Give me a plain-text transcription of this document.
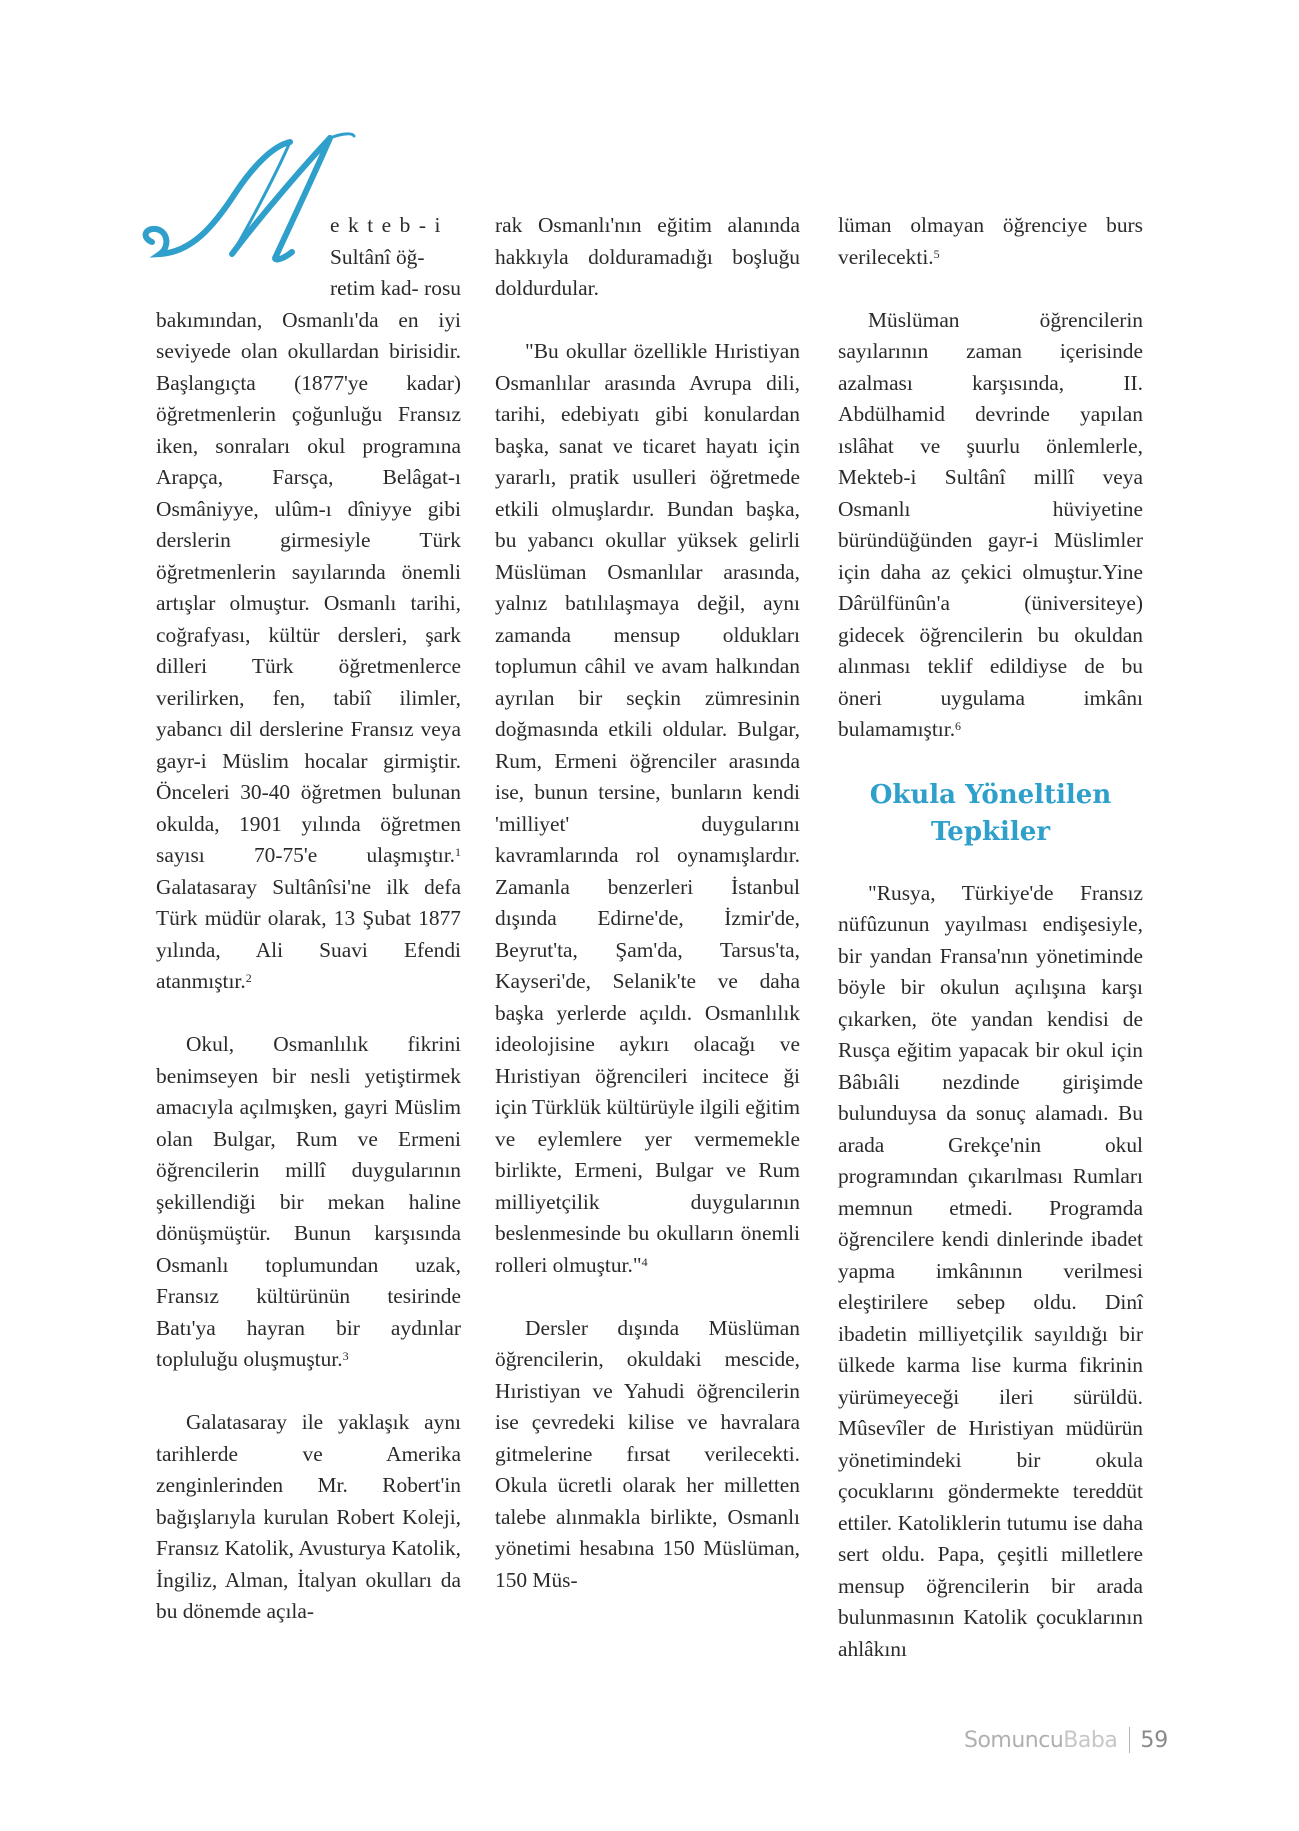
M

ekteb-i
Sultânî öğ-
retim kad- rosu bakımından, Osmanlı'da en iyi seviyede olan okullardan birisidir. Başlangıçta (1877'ye kadar) öğretmenlerin çoğunluğu Fransız iken, sonraları okul programına Arapça, Farsça, Belâgat-ı Osmâniyye, ulûm-ı dîniyye gibi derslerin girmesiyle Türk öğretmenlerin sayılarında önemli artışlar olmuştur. Osmanlı tarihi, coğrafyası, kültür dersleri, şark dilleri Türk öğretmenlerce verilirken, fen, tabiî ilimler, yabancı dil derslerine Fransız veya gayr-i Müslim hocalar girmiştir. Önceleri 30-40 öğretmen bulunan okulda, 1901 yılında öğretmen sayısı 70-75'e ulaşmıştır.$^1$ Galatasaray Sultânîsi'ne ilk defa Türk müdür olarak, 13 Şubat 1877 yılında, Ali Suavi Efendi atanmıştır.$^2$

Okul, Osmanlılık fikrini benimseyen bir nesli yetiştirmek amacıyla açılmışken, gayri Müslim olan Bulgar, Rum ve Ermeni öğrencilerin millî duygularının şekillendiği bir mekan haline dönüşmüştür. Bunun karşısında Osmanlı toplumundan uzak, Fransız kültürünün tesirinde Batı'ya hayran bir aydınlar topluluğu oluşmuştur.$^3$

Galatasaray ile yaklaşık aynı tarihlerde ve Amerika zenginlerinden Mr. Robert'in bağışlarıyla kurulan Robert Koleji, Fransız Katolik, Avusturya Katolik, İngiliz, Alman, İtalyan okulları da bu dönemde açıla-

rak Osmanlı'nın eğitim alanında hakkıyla dolduramadığı boşluğu doldurdular.

"Bu okullar özellikle Hıristiyan Osmanlılar arasında Avrupa dili, tarihi, edebiyatı gibi konulardan başka, sanat ve ticaret hayatı için yararlı, pratik usulleri öğretmede etkili olmuşlardır. Bundan başka, bu yabancı okullar yüksek gelirli Müslüman Osmanlılar arasında, yalnız batılılaşmaya değil, aynı zamanda mensup oldukları toplumun câhil ve avam halkından ayrılan bir seçkin zümresinin doğmasında etkili oldular. Bulgar, Rum, Ermeni öğrenciler arasında ise, bunun tersine, bunların kendi 'milliyet' duygularını kavramlarında rol oynamışlardır. Zamanla benzerleri İstanbul dışında Edirne'de, İzmir'de, Beyrut'ta, Şam'da, Tarsus'ta, Kayseri'de, Selanik'te ve daha başka yerlerde açıldı. Osmanlılık ideolojisine aykırı olacağı ve Hıristiyan öğrencileri incitece ği için Türklük kültürüyle ilgili eğitim ve eylemlere yer vermemekle birlikte, Ermeni, Bulgar ve Rum milliyetçilik duygularının beslenmesinde bu okulların önemli rolleri olmuştur."$^4$

Dersler dışında Müslüman öğrencilerin, okuldaki mescide, Hıristiyan ve Yahudi öğrencilerin ise çevredeki kilise ve havralara gitmelerine fırsat verilecekti. Okula ücretli olarak her milletten talebe alınmakla birlikte, Osmanlı yönetimi hesabına 150 Müslüman, 150 Müs-

lüman olmayan öğrenciye burs verilecekti.$^5$

Müslüman öğrencilerin sayılarının zaman içerisinde azalması karşısında, II. Abdülhamid devrinde yapılan ıslâhat ve şuurlu önlemlerle, Mekteb-i Sultânî millî veya Osmanlı hüviyetine büründüğünden gayr-i Müslimler için daha az çekici olmuştur.Yine Dârülfünûn'a (üniversiteye) gidecek öğrencilerin bu okuldan alınması teklif edildiyse de bu öneri uygulama imkânı bulamamıştır.$^6$

Okula Yöneltilen
Tepkiler

"Rusya, Türkiye'de Fransız nüfûzunun yayılması endişesiyle, bir yandan Fransa'nın yönetiminde böyle bir okulun açılışına karşı çıkarken, öte yandan kendisi de Rusça eğitim yapacak bir okul için Bâbıâli nezdinde girişimde bulunduysa da sonuç alamadı. Bu arada Grekçe'nin okul programından çıkarılması Rumları memnun etmedi. Programda öğrencilere kendi dinlerinde ibadet yapma imkânının verilmesi eleştirilere sebep oldu. Dinî ibadetin milliyetçilik sayıldığı bir ülkede karma lise kurma fikrinin yürümeyeceği ileri sürüldü. Mûsevîler de Hıristiyan müdürün yönetimindeki bir okula çocuklarını göndermekte tereddüt ettiler. Katoliklerin tutumu ise daha sert oldu. Papa, çeşitli milletlere mensup öğrencilerin bir arada bulunmasının Katolik çocuklarının ahlâkını

SomuncuBaba 59
